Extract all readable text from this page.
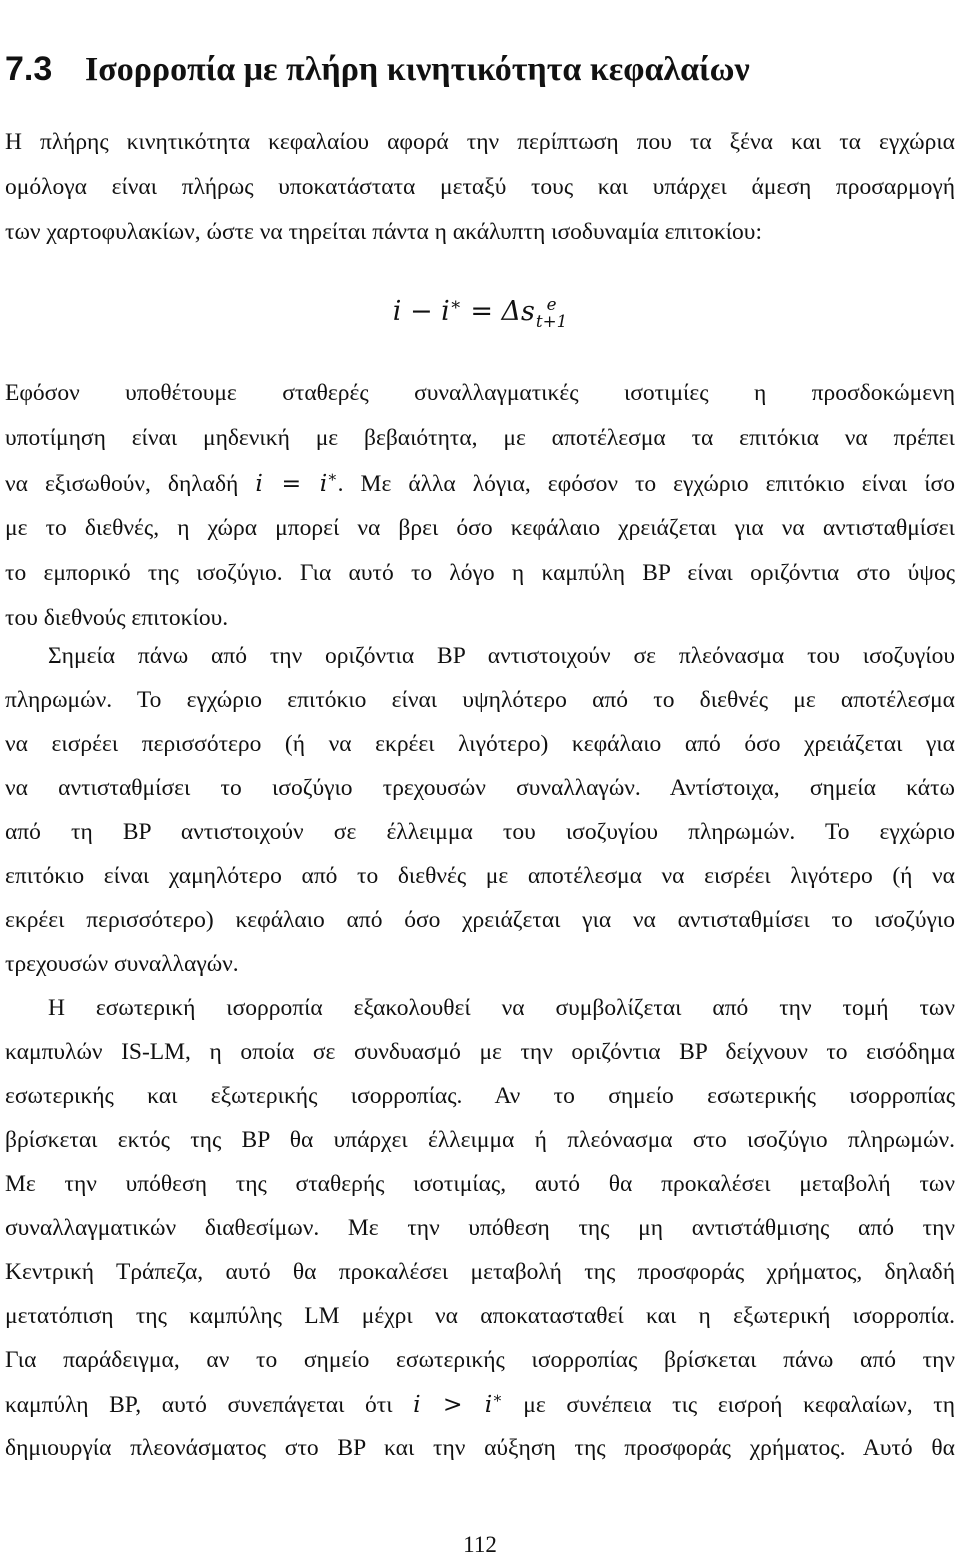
7.3 Ισορροπία με πλήρη κινητικότητα κεφαλαίων
Η πλήρης κινητικότητα κεφαλαίου αφορά την περίπτωση που τα ξένα και τα εγχώρια
ομόλογα είναι πλήρως υποκατάστατα μεταξύ τους και υπάρχει άμεση προσαρμογή
των χαρτοφυλακίων, ώστε να τηρείται πάντα η ακάλυπτη ισοδυναμία επιτοκίου:
i − i∗ = Δs e
t+1
Εφόσον υποθέτουμε σταθερές συναλλαγματικές ισοτιμίες η προσδοκώμενη
υποτίμηση είναι μηδενική με βεβαιότητα, με αποτέλεσμα τα επιτόκια να πρέπει
να εξισωθούν, δηλαδή i = i∗. Με άλλα λόγια, εφόσον το εγχώριο επιτόκιο είναι ίσο
με το διεθνές, η χώρα μπορεί να βρει όσο κεφάλαιο χρειάζεται για να αντισταθμίσει
το εμπορικό της ισοζύγιο. Για αυτό το λόγο η καμπύλη BP είναι οριζόντια στο ύψος
του διεθνούς επιτοκίου.
Σημεία πάνω από την οριζόντια BP αντιστοιχούν σε πλεόνασμα του ισοζυγίου
πληρωμών. Το εγχώριο επιτόκιο είναι υψηλότερο από το διεθνές με αποτέλεσμα
να εισρέει περισσότερο (ή να εκρέει λιγότερο) κεφάλαιο από όσο χρειάζεται για
να αντισταθμίσει το ισοζύγιο τρεχουσών συναλλαγών. Αντίστοιχα, σημεία κάτω
από τη BP αντιστοιχούν σε έλλειμμα του ισοζυγίου πληρωμών. Το εγχώριο
επιτόκιο είναι χαμηλότερο από το διεθνές με αποτέλεσμα να εισρέει λιγότερο (ή να
εκρέει περισσότερο) κεφάλαιο από όσο χρειάζεται για να αντισταθμίσει το ισοζύγιο
τρεχουσών συναλλαγών.
Η εσωτερική ισορροπία εξακολουθεί να συμβολίζεται από την τομή των
καμπυλών IS-LM, η οποία σε συνδυασμό με την οριζόντια BP δείχνουν το εισόδημα
εσωτερικής και εξωτερικής ισορροπίας. Αν το σημείο εσωτερικής ισορροπίας
βρίσκεται εκτός της BP θα υπάρχει έλλειμμα ή πλεόνασμα στο ισοζύγιο πληρωμών.
Με την υπόθεση της σταθερής ισοτιμίας, αυτό θα προκαλέσει μεταβολή των
συναλλαγματικών διαθεσίμων. Με την υπόθεση της μη αντιστάθμισης από την
Κεντρική Τράπεζα, αυτό θα προκαλέσει μεταβολή της προσφοράς χρήματος, δηλαδή
μετατόπιση της καμπύλης LM μέχρι να αποκατασταθεί και η εξωτερική ισορροπία.
Για παράδειγμα, αν το σημείο εσωτερικής ισορροπίας βρίσκεται πάνω από την
καμπύλη BP, αυτό συνεπάγεται ότι i > i∗ με συνέπεια τις εισροή κεφαλαίων, τη
δημιουργία πλεονάσματος στο BP και την αύξηση της προσφοράς χρήματος. Αυτό θα
112
